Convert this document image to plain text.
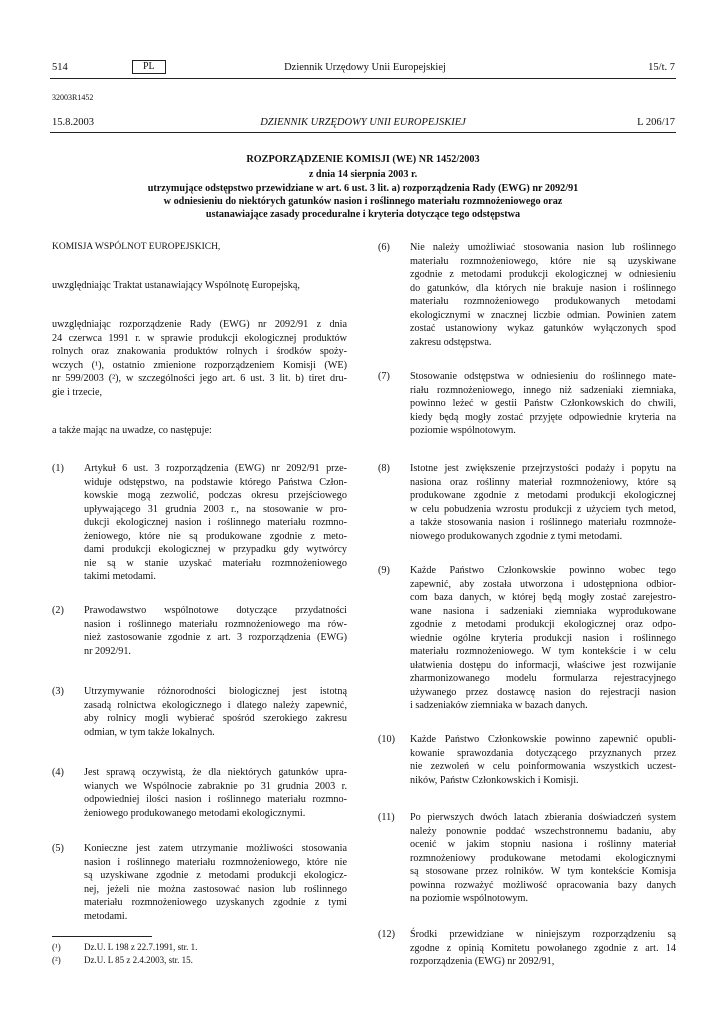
514	PL	Dziennik Urzędowy Unii Europejskiej	15/t. 7
32003R1452
15.8.2003	DZIENNIK URZĘDOWY UNII EUROPEJSKIEJ	L 206/17
ROZPORZĄDZENIE KOMISJI (WE) NR 1452/2003
z dnia 14 sierpnia 2003 r.
utrzymujące odstępstwo przewidziane w art. 6 ust. 3 lit. a) rozporządzenia Rady (EWG) nr 2092/91
w odniesieniu do niektórych gatunków nasion i roślinnego materiału rozmnożeniowego oraz
ustanawiające zasady proceduralne i kryteria dotyczące tego odstępstwa
KOMISJA WSPÓLNOT EUROPEJSKICH,
uwzględniając Traktat ustanawiający Wspólnotę Europejską,
a także mając na uwadze, co następuje:
(1) Artykuł 6 ust. 3 rozporządzenia (EWG) nr 2092/91 prze-
widuje odstępstwo, na podstawie którego Państwa Człon-
kowskie mogą zezwolić, podczas okresu przejściowego
upływającego 31 grudnia 2003 r., na stosowanie w pro-
dukcji ekologicznej nasion i roślinnego materiału rozmno-
żeniowego, które nie są produkowane zgodnie z meto-
dami produkcji ekologicznej w przypadku gdy wytwórcy
nie są w stanie uzyskać materiału rozmnożeniowego
takimi metodami.
(2) Prawodawstwo wspólnotowe dotyczące przydatności
nasion i roślinnego materiału rozmnożeniowego ma rów-
nież zastosowanie zgodnie z art. 3 rozporządzenia (EWG)
nr 2092/91.
(3) Utrzymywanie różnorodności biologicznej jest istotną
zasadą rolnictwa ekologicznego i dlatego należy zapewnić,
aby rolnicy mogli wybierać spośród szerokiego zakresu
odmian, w tym także lokalnych.
(4) Jest sprawą oczywistą, że dla niektórych gatunków upra-
wianych we Wspólnocie zabraknie po 31 grudnia 2003 r.
odpowiedniej ilości nasion i roślinnego materiału rozmno-
żeniowego produkowanego metodami ekologicznymi.
(5) Konieczne jest zatem utrzymanie możliwości stosowania
nasion i roślinnego materiału rozmnożeniowego, które nie
są uzyskiwane zgodnie z metodami produkcji ekologicz-
nej, jeżeli nie można zastosować nasion lub roślinnego
materiału rozmnożeniowego uzyskanych zgodnie z tymi
metodami.
(6) Nie należy umożliwiać stosowania nasion lub roślinnego
materiału rozmnożeniowego, które nie są uzyskiwane
zgodnie z metodami produkcji ekologicznej w odniesieniu
do gatunków, dla których nie brakuje nasion i roślinnego
materiału rozmnożeniowego produkowanych metodami
ekologicznymi w znacznej liczbie odmian. Powinien zatem
zostać ustanowiony wykaz gatunków wyłączonych spod
zakresu odstępstwa.
(7) Stosowanie odstępstwa w odniesieniu do roślinnego mate-
riału rozmnożeniowego, innego niż sadzeniaki ziemniaka,
powinno leżeć w gestii Państw Członkowskich do chwili,
kiedy będą mogły zostać przyjęte odpowiednie kryteria na
poziomie wspólnotowym.
(8) Istotne jest zwiększenie przejrzystości podaży i popytu na
nasiona oraz roślinny materiał rozmnożeniowy, które są
produkowane zgodnie z metodami produkcji ekologicznej
w celu pobudzenia wzrostu produkcji z użyciem tych metod,
a także stosowania nasion i roślinnego materiału rozmnoże-
niowego produkowanych zgodnie z tymi metodami.
(9) Każde Państwo Członkowskie powinno wobec tego
zapewnić, aby została utworzona i udostępniona odbior-
com baza danych, w której będą mogły zostać zarejestro-
wane nasiona i sadzeniaki ziemniaka wyprodukowane
zgodnie z metodami produkcji ekologicznej oraz odpo-
wiednie ogólne kryteria produkcji nasion i roślinnego
materiału rozmnożeniowego. W tym kontekście i w celu
ułatwienia dostępu do informacji, właściwe jest rozwijanie
zharmonizowanego modelu formularza rejestracyjnego
używanego przez dostawcę nasion do rejestracji nasion
i sadzeniaków ziemniaka w bazach danych.
(10) Każde Państwo Członkowskie powinno zapewnić opubli-
kowanie sprawozdania dotyczącego przyznanych przez
nie zezwoleń w celu poinformowania wszystkich uczest-
ników, Państw Członkowskich i Komisji.
(11) Po pierwszych dwóch latach zbierania doświadczeń system
należy ponownie poddać wszechstronnemu badaniu, aby
ocenić w jakim stopniu nasiona i roślinny materiał
rozmnożeniowy produkowane metodami ekologicznymi
są stosowane przez rolników. W tym kontekście Komisja
powinna rozważyć możliwość opracowania bazy danych
na poziomie wspólnotowym.
(12) Środki przewidziane w niniejszym rozporządzeniu są
zgodne z opinią Komitetu powołanego zgodnie z art. 14
rozporządzenia (EWG) nr 2092/91,
(¹)	Dz.U. L 198 z 22.7.1991, str. 1.
(²)	Dz.U. L 85 z 2.4.2003, str. 15.
uwzględniając rozporządzenie Rady (EWG) nr 2092/91 z dnia
24 czerwca 1991 r. w sprawie produkcji ekologicznej produktów
rolnych oraz znakowania produktów rolnych i środków spoży-
wczych (¹), ostatnio zmienione rozporządzeniem Komisji (WE)
nr 599/2003 (²), w szczególności jego art. 6 ust. 3 lit. b) tiret dru-
gie i trzecie,
